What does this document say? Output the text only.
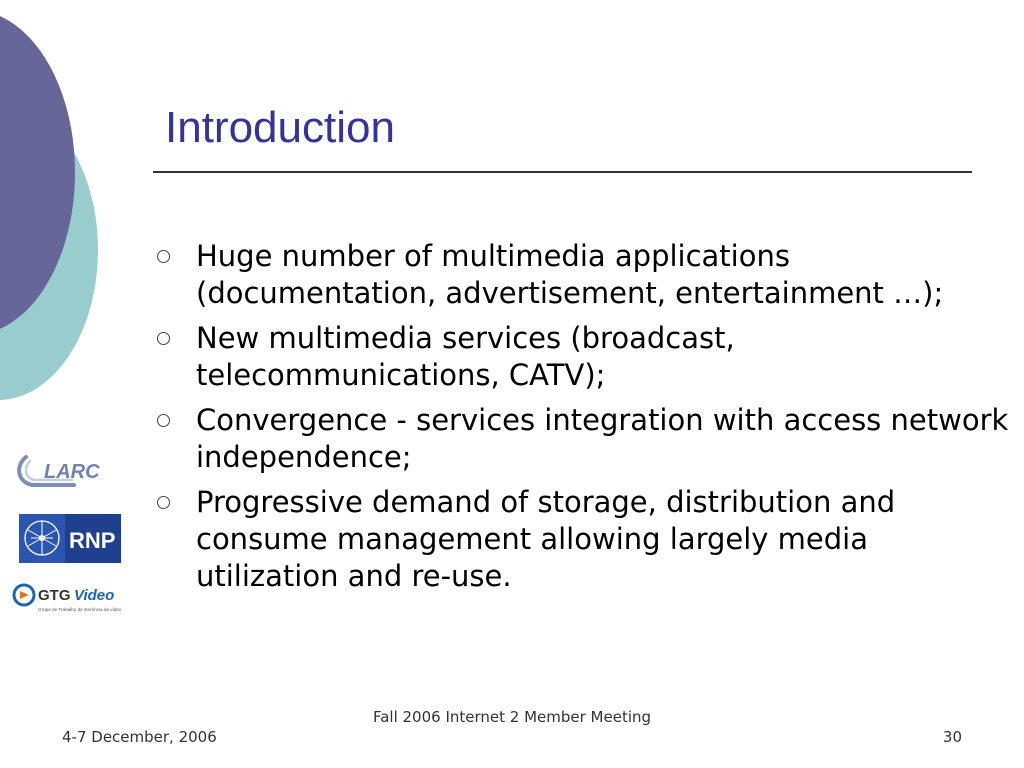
Introduction
Huge number of multimedia applications (documentation, advertisement, entertainment …);
New multimedia services (broadcast, telecommunications, CATV);
Convergence - services integration with access network independence;
Progressive demand of storage, distribution and consume management allowing largely media utilization and re-use.
LARC
RNP
GTG Video
Grupo de Trabalho de Gerência de vídeo
4-7 December, 2006
Fall 2006 Internet 2 Member Meeting
30
